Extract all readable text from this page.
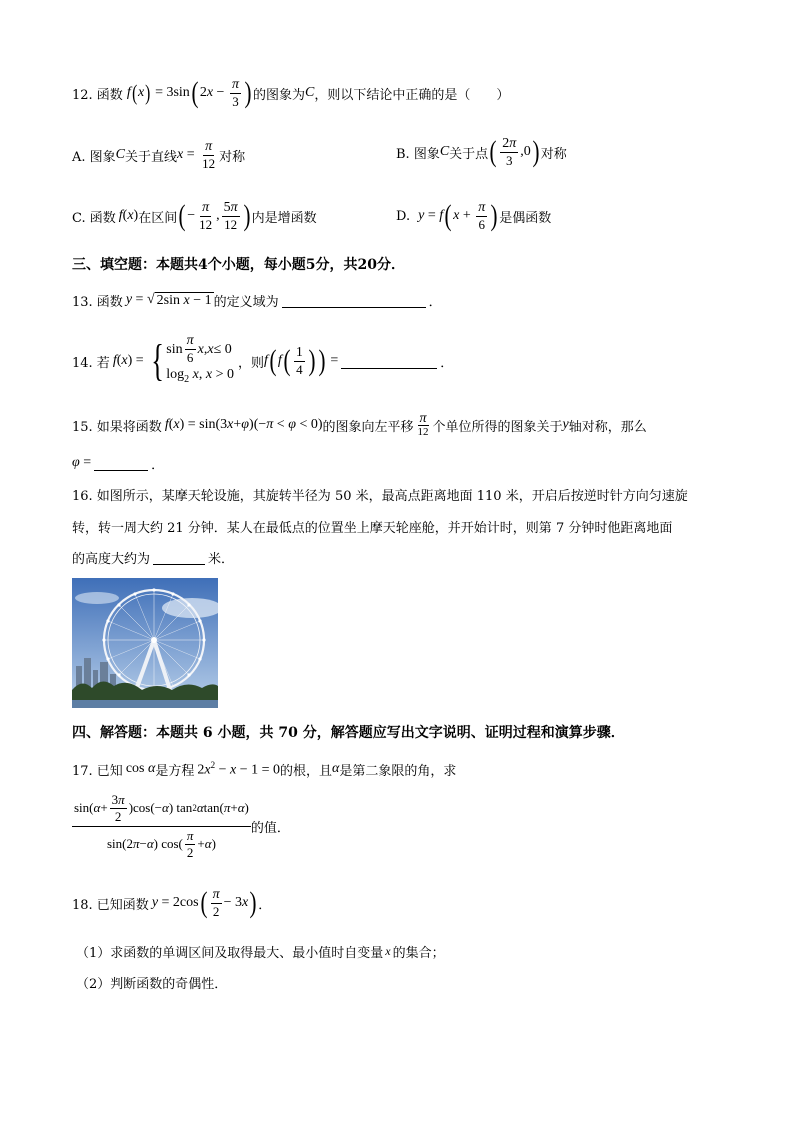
12. 函数 f ( x ) = 3sin ( 2 $x - \frac{\pi}{3}$ ) 的图象为 C ，则以下结论中正确的是（　　）
A. 图象 C 关于直线 $x = \frac{\pi}{12}$ 对称	B. 图象 C 关于点 ( $\frac{2\pi}{3} ,0$ ) 对称
C. 函数 f ( x ) 在区间 ( − $\frac{\pi}{12}$ , $\frac{5\pi}{12}$ ) 内是增函数	D. y = f ( $x + \frac{\pi}{6}$ ) 是偶函数
三、填空题：本题共4个小题，每小题5分，共20分．
13. 函数 y = √ 2sin x − 1 的定义域为	．
14. 若 f ( x ) = { $\sin \frac{\pi}{6}$ x , x ≤ 0
$\log_2 x$, x > 0
，则 f ( f ( $\frac{1}{4}$ ) ) =	．
15. 如果将函数 f ( x ) = sin(3x+φ)(−π < φ < 0) 的图象向左平移 $\frac{\pi}{12}$ 个单位所得的图象关于 y 轴对称，那么
φ =	．
16. 如图所示，某摩天轮设施，其旋转半径为 50 米，最高点距离地面 110 米，开启后按逆时针方向匀速旋
转，转一周大约 21 分钟．某人在最低点的位置坐上摩天轮座舱，并开始计时，则第 7 分钟时他距离地面
的高度大约为	米．
四、解答题：本题共 6 小题，共 70 分，解答题应写出文字说明、证明过程和演算步骤．
17. 已知 cos α 是方程 $2x^2 - x - 1 = 0$ 的根，且 α 是第二象限的角，求
sin( $\alpha + \frac{3\pi}{2} )\cos(- \alpha$ ) tan 2 α tan( π + α )
sin(2 π − α ) $\cos( \frac{\pi}{2} + \alpha$ )
的值．
18. 已知函数 y = 2cos ( $\frac{\pi}{2} - 3x$ ) ．
（1）求函数的单调区间及取得最大、最小值时自变量 x 的集合；
（2）判断函数的奇偶性．
